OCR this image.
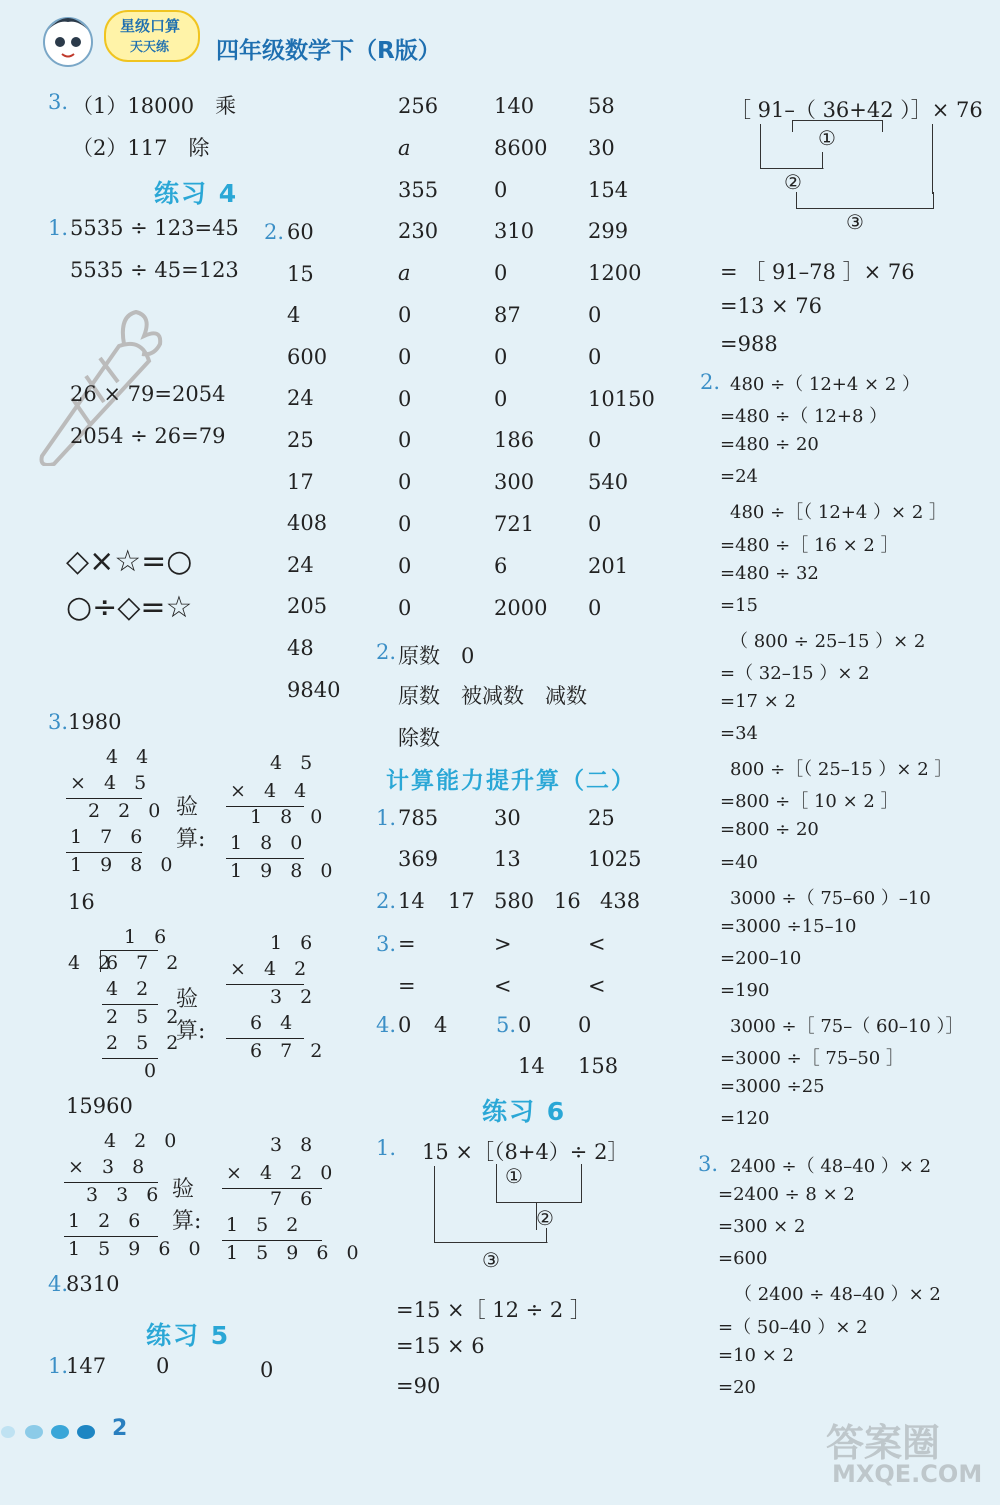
星级口算
天天练 四年级数学下（R版）
3. （1）18000　乘
（2）117　除
练习 4
1. 5535 ÷ 123=45
5535 ÷ 45=123
26 × 79=2054
2054 ÷ 26=79
◇×☆=○
○÷◇=☆
3. 1980
4 4
× 4 5
2 2 0
1 7 6
1 9 8 0
验
算:
4 5
× 4 4
1 8 0
1 8 0
1 9 8 0
16
1 6
4 2
6 7 2
4 2
2 5 2
2 5 2
0
验
算:
1 6
× 4 2
3 2
6 4
6 7 2
15960
4 2 0
× 3 8
3 3 6
1 2 6
1 5 9 6 0
验
算:
3 8
× 4 2 0
7 6
1 5 2
1 5 9 6 0
4.
8310
练习 5
1.
147 0	0
2. 60
15
4
600
24
25
17
408
24
205
48
9840
256	140	58
a	8600 30
355	0	154
230	310	299
a	0	1200
0	87	0
0	0	0
0	0	10150
0	186	0
0	300	540
0	721	0
0	6	201
0	2000 0
2. 原数　0
原数　被减数　减数
除数
计算能力提升算（二）
1. 785	30	25
369	13	1025
2. 14 17 580 16 438
3. =	>	<
=	<	<
4. 0 4 5. 0 0
14 158
练习 6
1. 15 ×［（8+4）÷ 2］
①
②
③
=15 ×［ 12 ÷ 2 ］
=15 × 6
=90
［ 91–（ 36+42 ）］× 76
①
②
③
= ［ 91–78 ］× 76
=13 × 76
=988
2. 480 ÷（ 12+4 × 2 ）
=480 ÷（ 12+8 ）
=480 ÷ 20
=24
480 ÷［（ 12+4 ）× 2 ］
=480 ÷［ 16 × 2 ］
=480 ÷ 32
=15
（ 800 ÷ 25–15 ）× 2
=（ 32–15 ）× 2
=17 × 2
=34
800 ÷［（ 25–15 ）× 2 ］
=800 ÷［ 10 × 2 ］
=800 ÷ 20
=40
3000 ÷（ 75–60 ）–10
=3000 ÷15–10
=200–10
=190
3000 ÷［ 75–（ 60–10 ）］
=3000 ÷［ 75–50 ］
=3000 ÷25
=120
3. 2400 ÷（ 48–40 ）× 2
=2400 ÷ 8 × 2
=300 × 2
=600
（ 2400 ÷ 48–40 ）× 2
=（ 50–40 ）× 2
=10 × 2
=20
2	答案圈
MXQE.COM
